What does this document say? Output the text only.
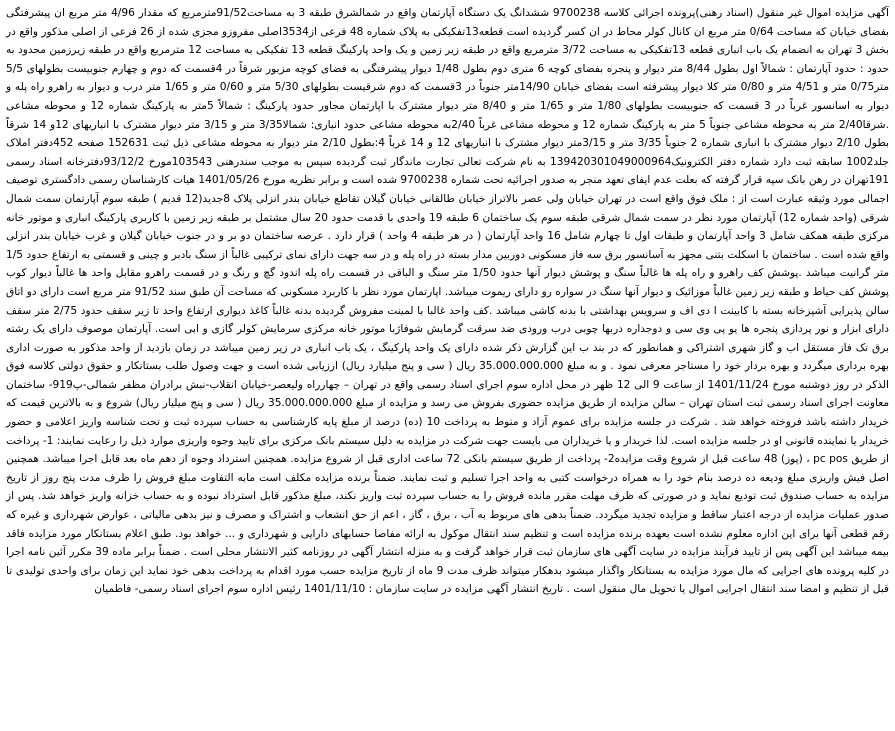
آگهی مزایده اموال غیر منقول (اسناد رهنی)پرونده اجرائی کلاسه 9700238 ششدانگ یک دستگاه آپارتمان واقع در شمالشرق طبقه 3 به مساحت91/52مترمربع که مقدار 4/96 متر مربع ان پیشرفتگی بفضای خیابان که مساحت 0/64 متر مربع ان کانال کولر محاط در ان کسر گردیده است قطعه13تفکیکی به پلاک شماره 48 فرعی از3534اصلی مفروزو مجزی شده از 26 فرعی از اصلی مذکور واقع در بخش 3 تهران به انضمام یک باب انباری قطعه 13تفکیکی به مساحت 3/72 مترمربع واقع در طبقه زیر زمین و یک واحد پارکینگ قطعه 13 تفکیکی به مساحت 12 مترمربع واقع در طبقه زیرزمین محدود به حدود : حدود آپارتمان : شمالاً اول بطول 8/44 متر دیوار و پنجره بفضای کوچه 6 متری دوم بطول 1/48 دیوار پیشرفتگی به فضای کوچه مزبور شرقاً در 4قسمت که دوم و چهارم جنوبیست بطولهای 5/5 متر0/75 متر و 4/51 متر و 0/80 متر کلا دیوار پیشرفته است بفضای خیابان 14/90متر جنوباً در 3قسمت که دوم شرقیست بطولهای 5/30 متر و 0/60 متر و 1/65 متر درب و دیوار به راهرو راه پله و دیوار به اسانسور غرباً در 3 قسمت که جنوبیست بطولهای 1/80 متر و 1/65 متر و 8/40 متر دیوار مشترک با اپارتمان مجاور حدود پارکینگ : شمالاً 5متر به پارکینگ شماره 12 و محوطه مشاعی .شرقا2/40 متر به محوطه مشاعی جنوباً 5 متر به پارکینگ شماره 12 و محوطه مشاعی غرباً 2/40به محوطه مشاعی حدود انباری: شمالا3/35 متر و 3/15 متر دیوار مشترک با انباریهای 12و 14 شرقاً بطول 2/10 دیوار مشترک با انباری شماره 2 جنوباً 3/35 متر و 3/15متر دیوار مشترک با انباریهای 12 و 14 غرباً 4:بطول 2/10 متر دیوار به محوطه مشاعی ذیل ثبت 152631 صفحه 452دفتر املاک جلد1002 سابقه ثبت دارد شماره دفتر الکترونیک139420301049000964 به نام شرکت تعالی تجارت ماندگار ثبت گردیده سپس به موجب سندرهنی 103543مورخ 93/12/2دفترخانه اسناد رسمی 191تهران در رهن بانک سپه قرار گرفته که بعلت عدم ایفای تعهد منجر به صدور اجرائیه تحت شماره 9700238 شده است و برابر نظریه مورخ 1401/05/26 هیات کارشناسان رسمی دادگستری توصیف اجمالی مورد وثیقه عبارت است از : ملک فوق واقع است در تهران خیابان ولی عصر بالاتراز خیابان طالقانی خیابان گیلان تقاطع خیابان بندر انزلی پلاک 8جدید(12 قدیم ) طبقه سوم آپارتمان سمت شمال شرقی (واحد شماره 12) آپارتمان مورد نظر در سمت شمال شرقی طبقه سوم یک ساختمان 6 طبقه 19 واحدی با قدمت حدود 20 سال مشتمل بر طبقه زیر زمین با کاربری پارکینگ انباری و موتور خانه مرکزی طبقه همکف شامل 3 واحد آپارتمان و طبقات اول تا چهارم شامل 16 واحد آپارتمان ( در هر طبقه 4 واحد ) قرار دارد . عرصه ساختمان دو بر و در جنوب خیابان گیلان و غرب خیابان بندر انزلی واقع شده است . ساختمان با اسکلت بتنی مجهز به آسانسور برق سه فاز مسکونی دوربین مدار بسته در راه پله و در سه جهت دارای نمای ترکیبی غالباً از سنگ بادبر و چینی و قسمتی به ارتفاع حدود 1/5 متر گرانیت میباشد .پوشش کف راهرو و راه پله ها غالباً سنگ و پوشش دیوار آنها حدود 1/50 متر سنگ و الباقی در قسمت راه پله اندود گچ و رنگ و در قسمت راهرو مقابل واحد ها غالباً دیوار کوب پوشش کف حیاط و طبقه زیر زمین غالباً موزائیک و دیوار آنها سنگ در سواره رو دارای ریموت میباشد. اپارتمان مورد نظر با کاربرد مسکونی که مساحت آن طبق سند 91/52 متر مربع است دارای دو اتاق سالن پذیرایی آشپزخانه بسته با کابینت ا دی اف و سرویس بهداشتی با بدنه کاشی میباشد .کف واحد غالبا با لمینت مفروش گردیده بدنه غالباً کاغذ دیواری ارتفاع واحد تا زیر سقف حدود 2/75 متر سقف دارای ابزار و نور پردازی پنجره ها یو پی وی سی و دوجداره دربها چوبی درب ورودی ضد سرقت گرمایش شوفاژبا موتور خانه مرکزی سرمایش کولر گازی و ابی است. آپارتمان موصوف دارای یک رشته برق تک فاز مستقل اب و گاز شهری اشتراکی و همانطور که در بند ب این گزارش ذکر شده دارای یک واحد پارکینگ ، یک باب انباری در زیر زمین میباشد در زمان بازدید از واحد مذکور به صورت اداری بهره برداری میگردد و بهره بردار خود را مستاجر معرفی نمود . و به مبلغ 35.000.000.000 ریال ( سی و پنج میلیارد ریال) ارزیابی شده است و جهت وصول طلب بستانکار و حقوق دولتی کلاسه فوق الذکر در روز دوشنبه مورخ 1401/11/24 از ساعت 9 الی 12 ظهر در محل اداره سوم اجرای اسناد رسمی واقع در تهران – چهارراه ولیعصر-خیابان انقلاب-نبش برادران مظفر شمالی-پ919- ساختمان معاونت اجرای اسناد رسمی ثبت استان تهران – سالن مزایده از طریق مزایده حضوری بفروش می رسد و مزایده از مبلغ 35.000.000.000 ریال ( سی و پنج میلیار ریال) شروع و به بالاترین قیمت که خریدار داشته باشد فروخته خواهد شد . شرکت در جلسه مزایده برای عموم آزاد و منوط به پرداخت 10 (ده) درصد از مبلغ پایه کارشناسی به حساب سپرده ثبت و تحت شناسه واریز اعلامی و حضور خریدار یا نماینده قانونی او در جلسه مزایده است. لذا خریدار و یا خریداران می بایست جهت شرکت در مزایده به دلیل سیستم بانک مرکزی برای تایید وجوه واریزی موارد ذیل را رعایت نمایند: 1- پرداخت از طریق pc pos ، (پوز) 48 ساعت قبل از شروع وقت مزایده2- پرداخت از طریق سیستم بانکی 72 ساعت اداری قبل از شروع مزایده. همچنین استرداد وجوه از دهم ماه بعد قابل اجرا میباشد. همچنین اصل فیش واریزی مبلغ ودیعه ده درصد بنام خود را به همراه درخواست کتبی به واحد اجرا تسلیم و ثبت نمایند. ضمناً برنده مزایده مکلف است مابه التفاوت مبلغ فروش را ظرف مدت پنج روز از تاریخ مزایده به حساب صندوق ثبت تودیع نماید و در صورتی که ظرف مهلت مقرر مانده فروش را به حساب سپرده ثبت واریز نکند، مبلغ مذکور قابل استرداد نبوده و به حساب خزانه واریز خواهد شد. پس از صدور عملیات مزایده از درجه اعتبار ساقط و مزایده تجدید میگردد. ضمناً بدهی های مربوط به آب ، برق ، گاز ، اعم از حق انشعاب و اشتراک و مصرف و نیز بدهی مالیاتی ، عوارض شهرداری و غیره که رقم قطعی آنها برای این اداره معلوم نشده است بعهده برنده مزایده است و تنظیم سند انتقال موکول به ارائه مفاصا حسابهای دارایی و شهرداری و ... خواهد بود. طبق اعلام بستانکار مورد مزایده فاقد بیمه میباشد این آگهی پس از تایید فرآیند مزایده در سایت آگهی های سازمان ثبت قرار خواهد گرفت و به منزله انتشار آگهی در روزنامه کثیر الانتشار محلی است . ضمناً برابر ماده 39 مکرر آئین نامه اجرا در کلیه پرونده های اجرایی که مال مورد مزایده به بستانکار واگذار میشود بدهکار میتواند ظرف مدت 9 ماه از تاریخ مزایده حسب مورد اقدام به پرداخت بدهی خود نماید این زمان برای واحدی تولیدی تا قبل از تنظیم و امضا سند انتقال اجرایی اموال یا تحویل مال منقول است . تاریخ انتشار آگهی مزایده در سایت سازمان : 1401/11/10 رئیس اداره سوم اجرای اسناد رسمی- فاطمیان
